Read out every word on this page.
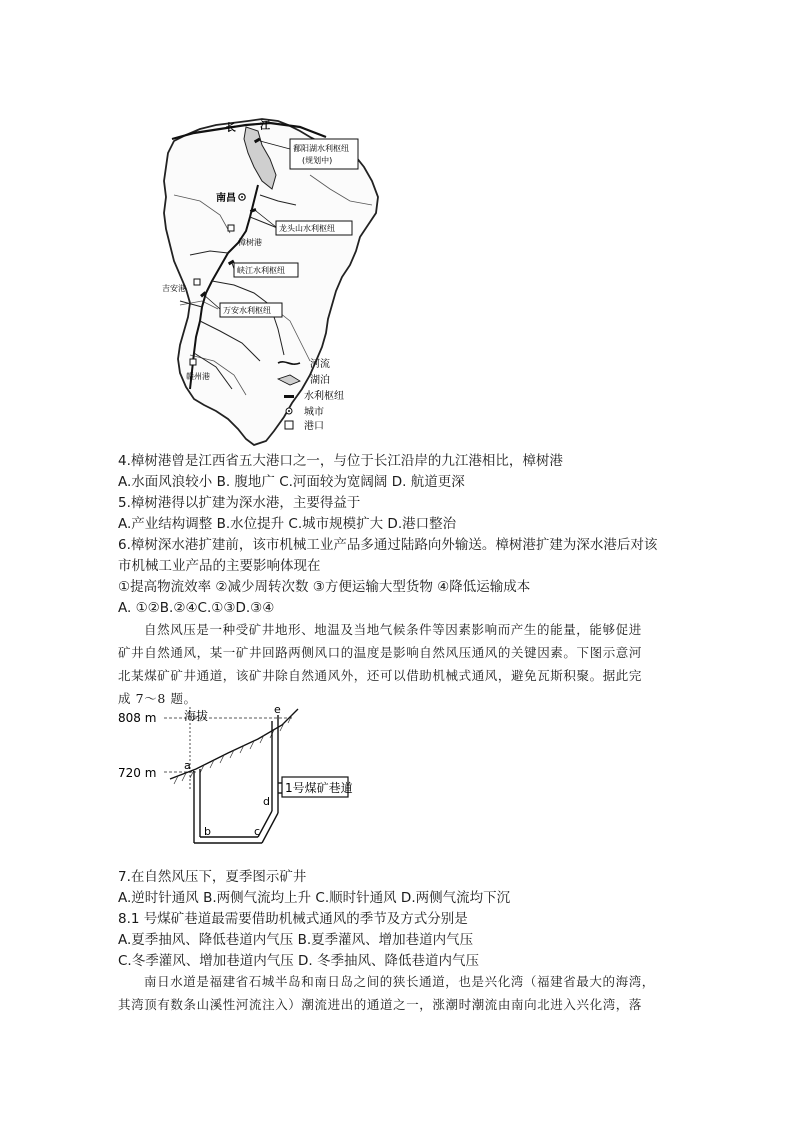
长 江
鄱阳湖水利枢纽
(规划中)
南昌
龙头山水利枢纽
樟树港
峡江水利枢纽
吉安港
万安水利枢纽
赣州港
河流
湖泊
水利枢纽
城市
港口
4.樟树港曾是江西省五大港口之一，与位于长江沿岸的九江港相比，樟树港
A.水面风浪较小 B. 腹地广 C.河面较为宽阔阔 D. 航道更深
5.樟树港得以扩建为深水港，主要得益于
A.产业结构调整 B.水位提升 C.城市规模扩大 D.港口整治
6.樟树深水港扩建前，该市机械工业产品多通过陆路向外输送。樟树港扩建为深水港后对该
市机械工业产品的主要影响体现在
①提高物流效率 ②减少周转次数 ③方便运输大型货物 ④降低运输成本
A. ①②B.②④C.①③D.③④
自然风压是一种受矿井地形、地温及当地气候条件等因素影响而产生的能量，能够促进
矿井自然通风，某一矿井回路两侧风口的温度是影响自然风压通风的关键因素。下图示意河
北某煤矿矿井通道，该矿井除自然通风外，还可以借助机械式通风，避免瓦斯积聚。据此完
成 7～8 题。
808 m
720 m
海拔
1号煤矿巷道
a
b	c
d
e
7.在自然风压下，夏季图示矿井
A.逆时针通风 B.两侧气流均上升 C.顺时针通风 D.两侧气流均下沉
8.1 号煤矿巷道最需要借助机械式通风的季节及方式分别是
A.夏季抽风、降低巷道内气压 B.夏季灌风、增加巷道内气压
C.冬季灌风、增加巷道内气压 D. 冬季抽风、降低巷道内气压
南日水道是福建省石城半岛和南日岛之间的狭长通道，也是兴化湾（福建省最大的海湾，
其湾顶有数条山溪性河流注入）潮流进出的通道之一，涨潮时潮流由南向北进入兴化湾，落
